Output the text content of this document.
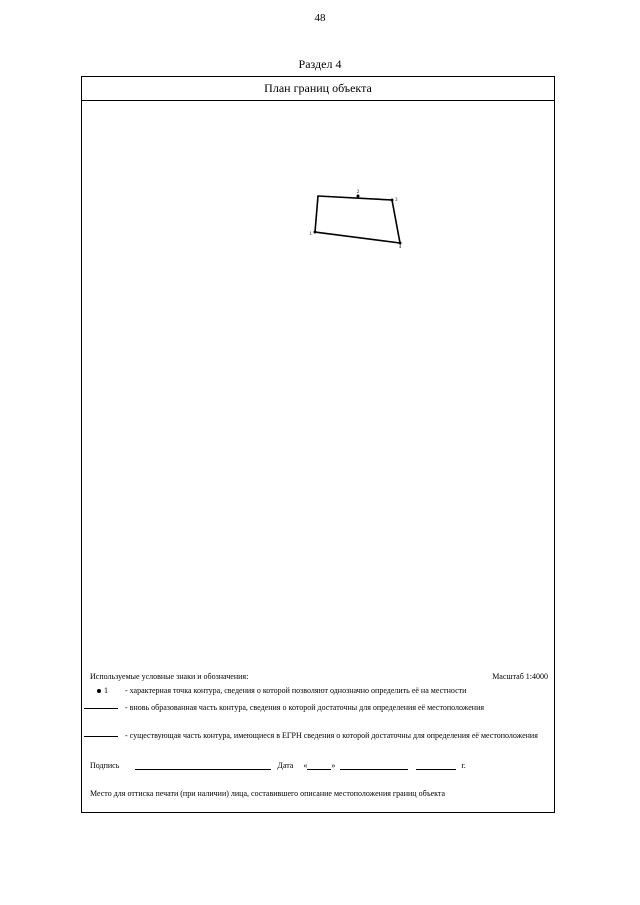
48
Раздел 4
План границ объекта
1
2
3
4
Используемые условные знаки и обозначения:	Масштаб 1:4000
1 - характерная точка контура, сведения о которой позволяют однозначно определить её на местности
- вновь образованная часть контура, сведения о которой достаточны для определения её местоположения
- существующая часть контура, имеющиеся в ЕГРН сведения о которой достаточны для определения её местоположения
Подпись	Дата «	»	г.
Место для оттиска печати (при наличии) лица, составившего описание местоположения границ объекта
